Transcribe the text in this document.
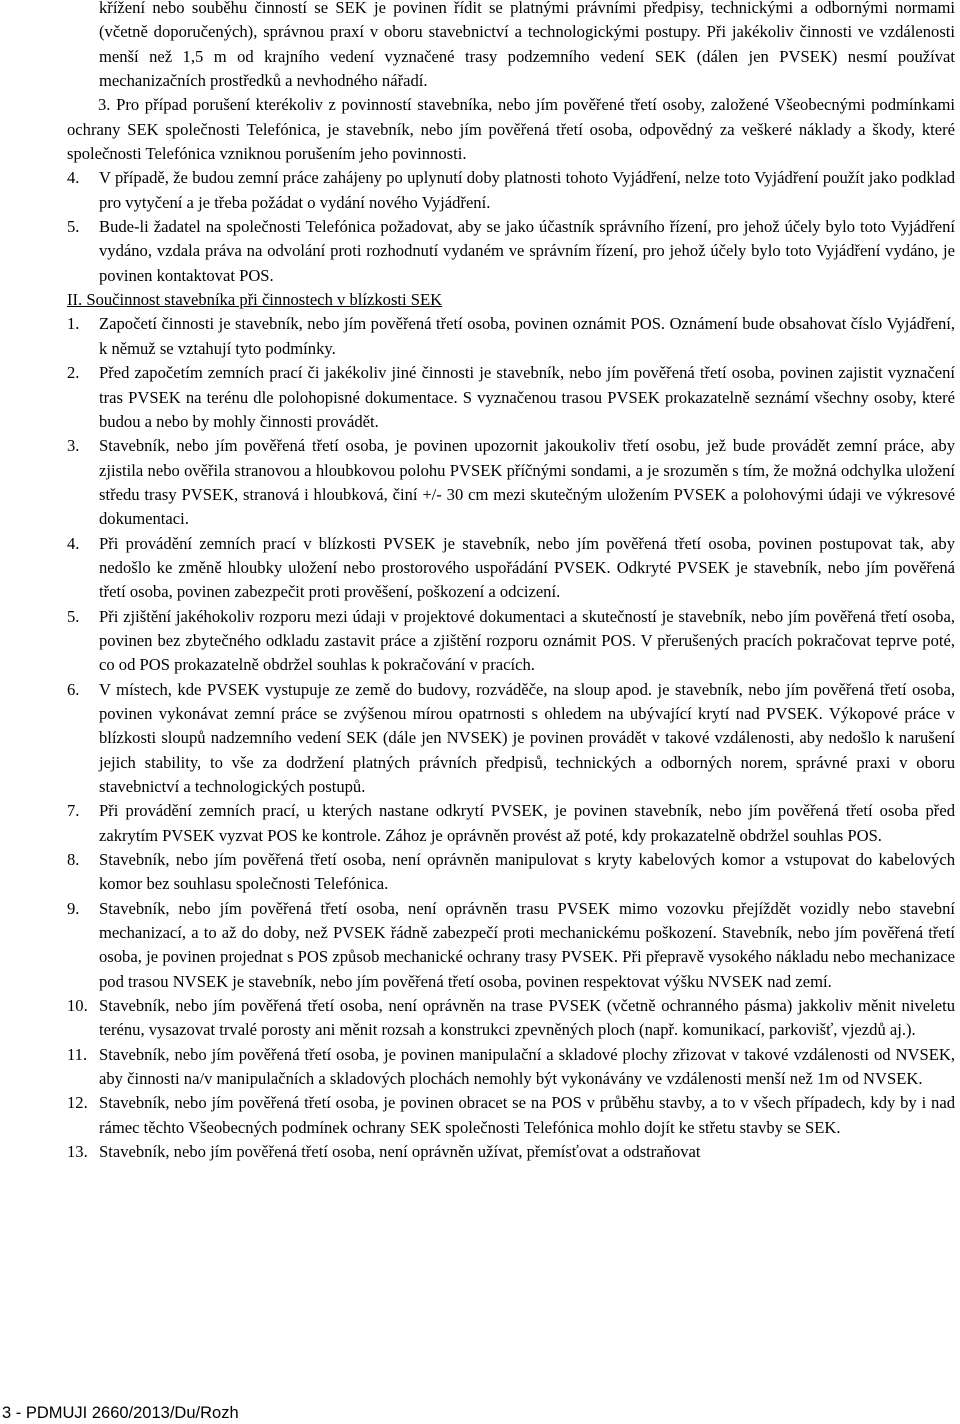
křížení nebo souběhu činností se SEK je povinen řídit se platnými právními předpisy, technickými a odbornými normami (včetně doporučených), správnou praxí v oboru stavebnictví a technologickými postupy. Při jakékoliv činnosti ve vzdálenosti menší než 1,5 m od krajního vedení vyznačené trasy podzemního vedení SEK (dálen jen PVSEK) nesmí používat mechanizačních prostředků a nevhodného nářadí.

3. Pro případ porušení kterékoliv z povinností stavebníka, nebo jím pověřené třetí osoby, založené Všeobecnými podmínkami ochrany SEK společnosti Telefónica, je stavebník, nebo jím pověřená třetí osoba, odpovědný za veškeré náklady a škody, které společnosti Telefónica vzniknou porušením jeho povinnosti.

4. V případě, že budou zemní práce zahájeny po uplynutí doby platnosti tohoto Vyjádření, nelze toto Vyjádření použít jako podklad pro vytyčení a je třeba požádat o vydání nového Vyjádření.

5. Bude-li žadatel na společnosti Telefónica požadovat, aby se jako účastník správního řízení, pro jehož účely bylo toto Vyjádření vydáno, vzdala práva na odvolání proti rozhodnutí vydaném ve správním řízení, pro jehož účely bylo toto Vyjádření vydáno, je povinen kontaktovat POS.

II. Součinnost stavebníka při činnostech v blízkosti SEK

1. Započetí činnosti je stavebník, nebo jím pověřená třetí osoba, povinen oznámit POS. Oznámení bude obsahovat číslo Vyjádření, k němuž se vztahují tyto podmínky.

2. Před započetím zemních prací či jakékoliv jiné činnosti je stavebník, nebo jím pověřená třetí osoba, povinen zajistit vyznačení tras PVSEK na terénu dle polohopisné dokumentace. S vyznačenou trasou PVSEK prokazatelně seznámí všechny osoby, které budou a nebo by mohly činnosti provádět.

3. Stavebník, nebo jím pověřená třetí osoba, je povinen upozornit jakoukoliv třetí osobu, jež bude provádět zemní práce, aby zjistila nebo ověřila stranovou a hloubkovou polohu PVSEK příčnými sondami, a je srozuměn s tím, že možná odchylka uložení středu trasy PVSEK, stranová i hloubková, činí +/- 30 cm mezi skutečným uložením PVSEK a polohovými údaji ve výkresové dokumentaci.

4. Při provádění zemních prací v blízkosti PVSEK je stavebník, nebo jím pověřená třetí osoba, povinen postupovat tak, aby nedošlo ke změně hloubky uložení nebo prostorového uspořádání PVSEK. Odkryté PVSEK je stavebník, nebo jím pověřená třetí osoba, povinen zabezpečit proti prověšení, poškození a odcizení.

5. Při zjištění jakéhokoliv rozporu mezi údaji v projektové dokumentaci a skutečností je stavebník, nebo jím pověřená třetí osoba, povinen bez zbytečného odkladu zastavit práce a zjištění rozporu oznámit POS. V přerušených pracích pokračovat teprve poté, co od POS prokazatelně obdržel souhlas k pokračování v pracích.

6. V místech, kde PVSEK vystupuje ze země do budovy, rozváděče, na sloup apod. je stavebník, nebo jím pověřená třetí osoba, povinen vykonávat zemní práce se zvýšenou mírou opatrnosti s ohledem na ubývající krytí nad PVSEK. Výkopové práce v blízkosti sloupů nadzemního vedení SEK (dále jen NVSEK) je povinen provádět v takové vzdálenosti, aby nedošlo k narušení jejich stability, to vše za dodržení platných právních předpisů, technických a odborných norem, správné praxi v oboru stavebnictví a technologických postupů.

7. Při provádění zemních prací, u kterých nastane odkrytí PVSEK, je povinen stavebník, nebo jím pověřená třetí osoba před zakrytím PVSEK vyzvat POS ke kontrole. Zához je oprávněn provést až poté, kdy prokazatelně obdržel souhlas POS.

8. Stavebník, nebo jím pověřená třetí osoba, není oprávněn manipulovat s kryty kabelových komor a vstupovat do kabelových komor bez souhlasu společnosti Telefónica.

9. Stavebník, nebo jím pověřená třetí osoba, není oprávněn trasu PVSEK mimo vozovku přejíždět vozidly nebo stavební mechanizací, a to až do doby, než PVSEK řádně zabezpečí proti mechanickému poškození. Stavebník, nebo jím pověřená třetí osoba, je povinen projednat s POS způsob mechanické ochrany trasy PVSEK. Při přepravě vysokého nákladu nebo mechanizace pod trasou NVSEK je stavebník, nebo jím pověřená třetí osoba, povinen respektovat výšku NVSEK nad zemí.

10. Stavebník, nebo jím pověřená třetí osoba, není oprávněn na trase PVSEK (včetně ochranného pásma) jakkoliv měnit niveletu terénu, vysazovat trvalé porosty ani měnit rozsah a konstrukci zpevněných ploch (např. komunikací, parkovišť, vjezdů aj.).

11. Stavebník, nebo jím pověřená třetí osoba, je povinen manipulační a skladové plochy zřizovat v takové vzdálenosti od NVSEK, aby činnosti na/v manipulačních a skladových plochách nemohly být vykonávány ve vzdálenosti menší než 1m od NVSEK.

12. Stavebník, nebo jím pověřená třetí osoba, je povinen obracet se na POS v průběhu stavby, a to v všech případech, kdy by i nad rámec těchto Všeobecných podmínek ochrany SEK společnosti Telefónica mohlo dojít ke střetu stavby se SEK.

13. Stavebník, nebo jím pověřená třetí osoba, není oprávněn užívat, přemísťovat a odstraňovat

3 - PDMUJI 2660/2013/Du/Rozh
